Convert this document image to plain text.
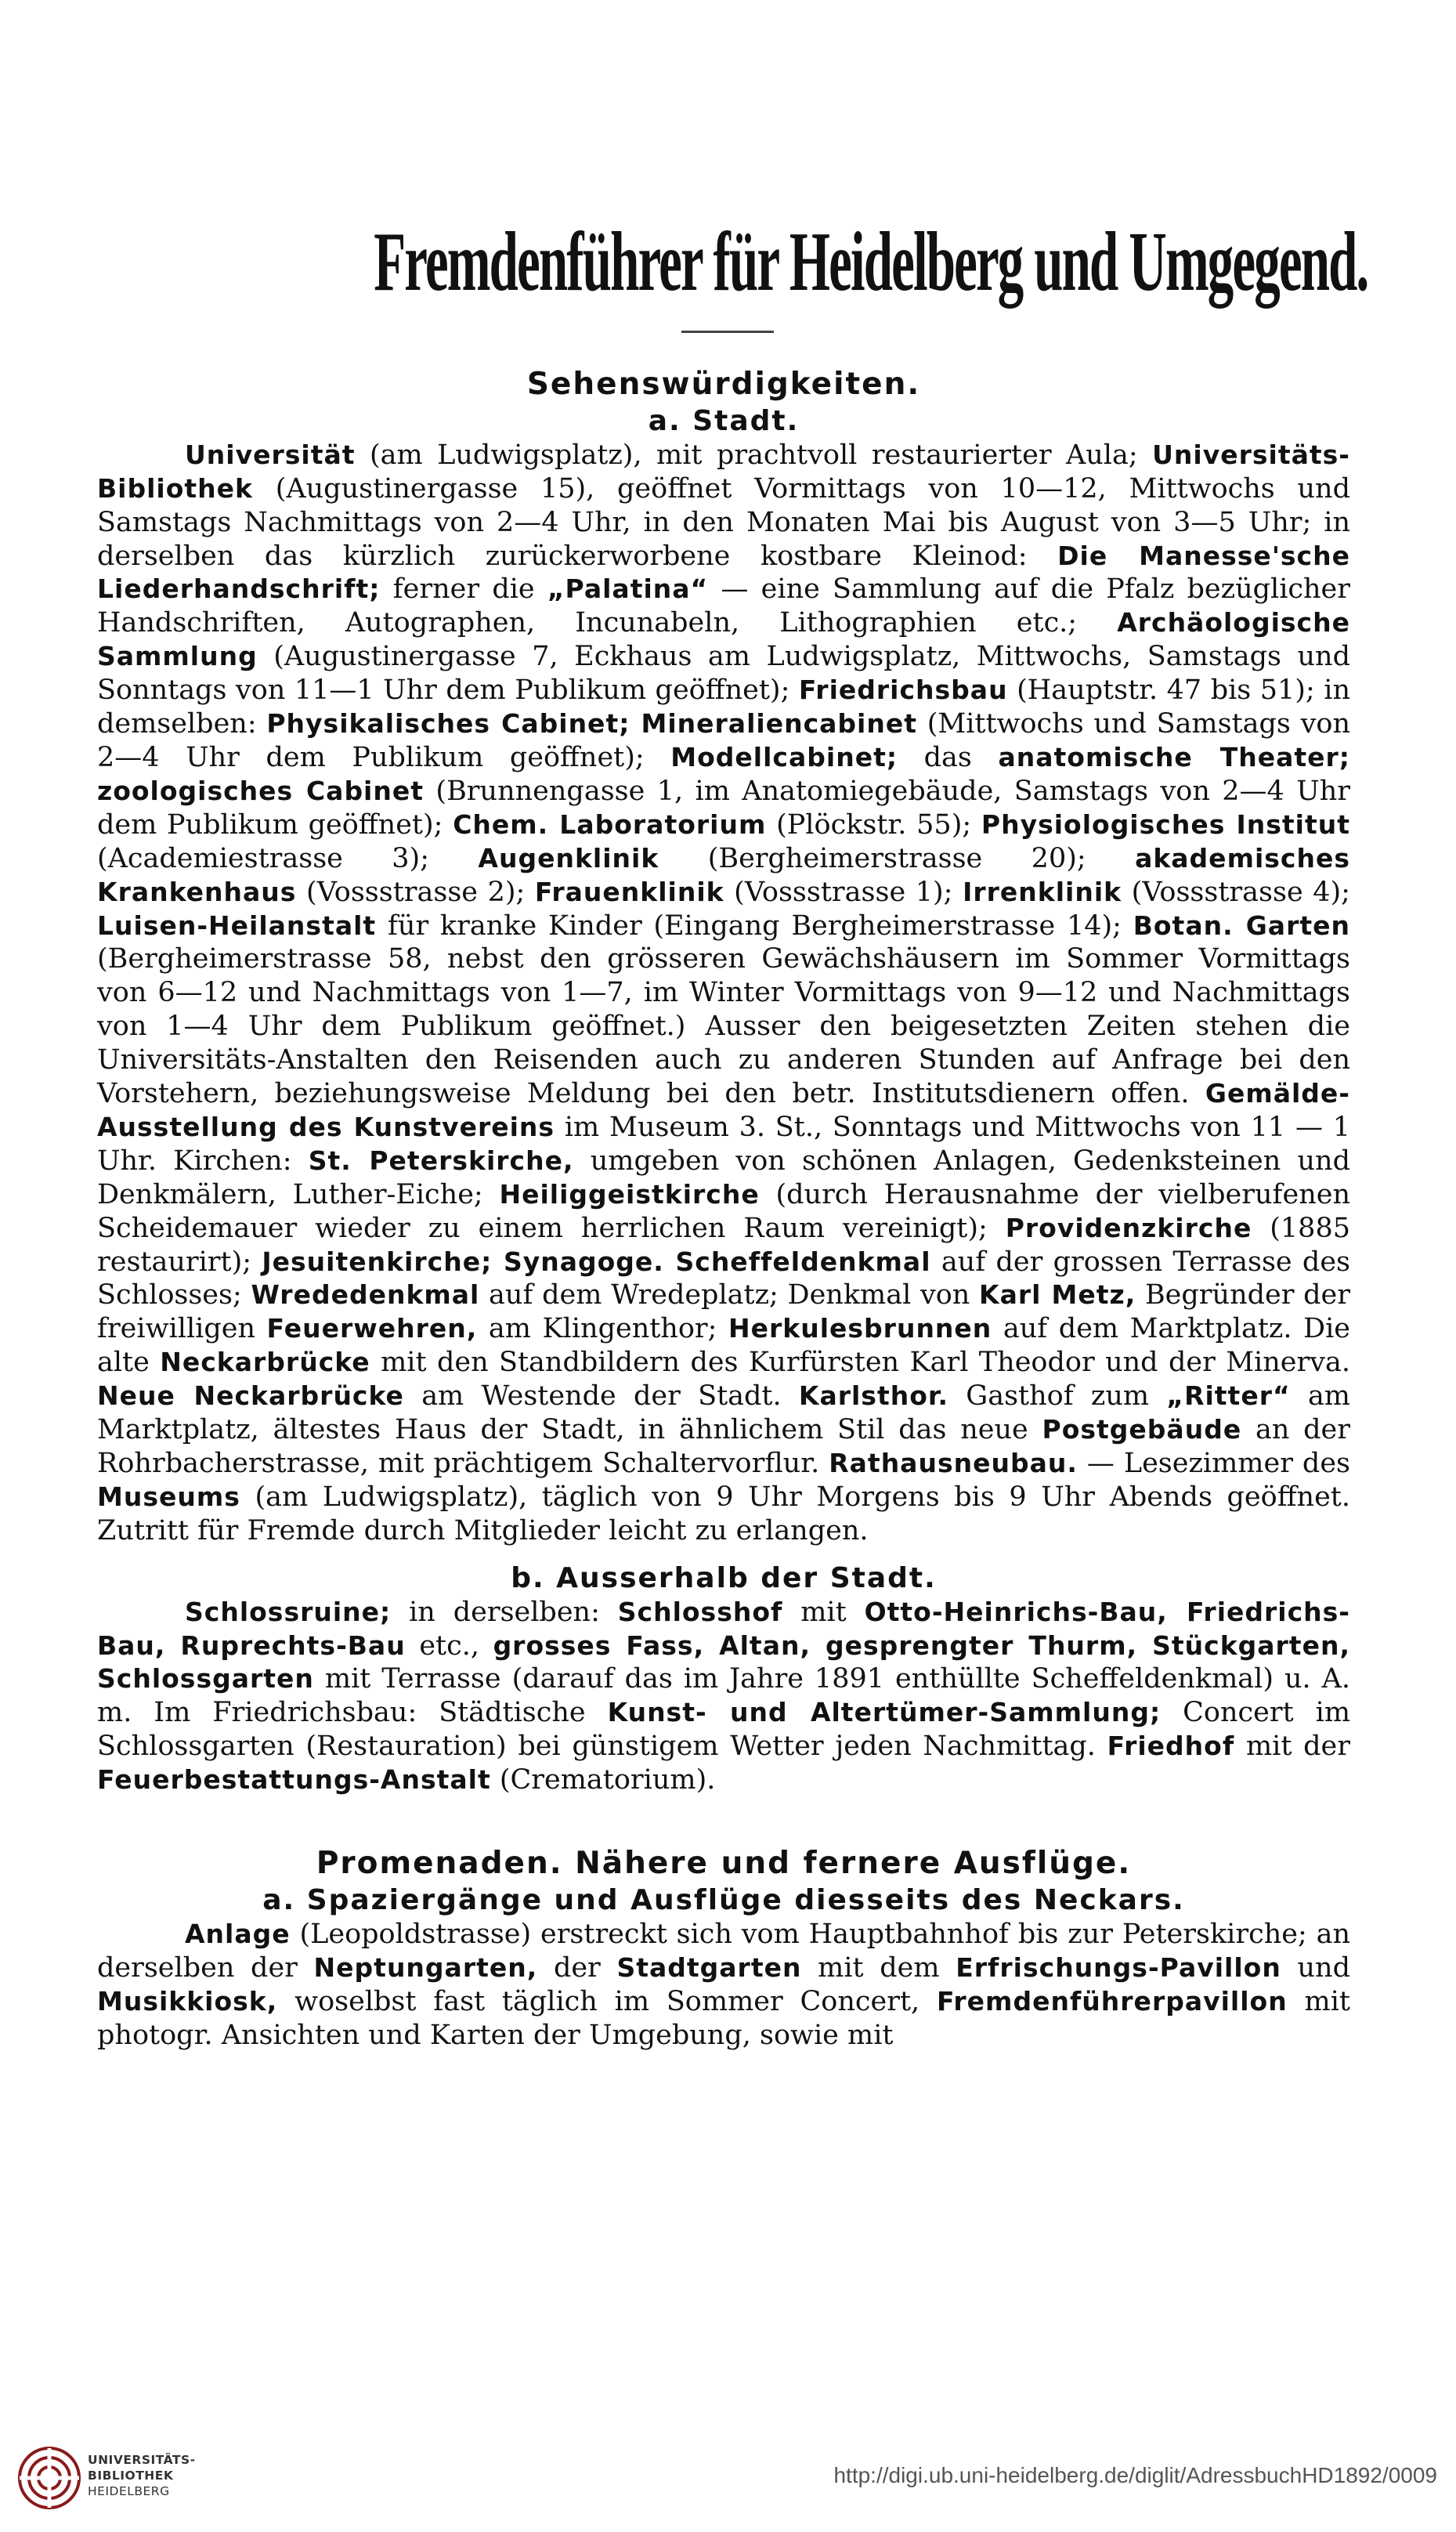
Fremdenführer für Heidelberg und Umgegend.
Sehenswürdigkeiten.
a. Stadt.

Universität (am Ludwigsplatz), mit prachtvoll restaurierter Aula; Universitäts-Bibliothek (Augustinergasse 15), geöffnet Vormittags von 10—12, Mittwochs und Samstags Nachmittags von 2—4 Uhr, in den Monaten Mai bis August von 3—5 Uhr; in derselben das kürzlich zurückerworbene kostbare Kleinod: Die Manesse'sche Liederhandschrift; ferner die „Palatina“ — eine Sammlung auf die Pfalz bezüglicher Handschriften, Autographen, Incunabeln, Lithographien etc.; Archäologische Sammlung (Augustinergasse 7, Eckhaus am Ludwigsplatz, Mittwochs, Samstags und Sonntags von 11—1 Uhr dem Publikum geöffnet); Friedrichsbau (Hauptstr. 47 bis 51); in demselben: Physikalisches Cabinet; Mineraliencabinet (Mittwochs und Samstags von 2—4 Uhr dem Publikum geöffnet); Modellcabinet; das anatomische Theater; zoologisches Cabinet (Brunnengasse 1, im Anatomiegebäude, Samstags von 2—4 Uhr dem Publikum geöffnet); Chem. Laboratorium (Plöckstr. 55); Physiologisches Institut (Academiestrasse 3); Augenklinik (Bergheimerstrasse 20); akademisches Krankenhaus (Vossstrasse 2); Frauenklinik (Vossstrasse 1); Irrenklinik (Vossstrasse 4); Luisen-Heilanstalt für kranke Kinder (Eingang Bergheimerstrasse 14); Botan. Garten (Bergheimerstrasse 58, nebst den grösseren Gewächshäusern im Sommer Vormittags von 6—12 und Nachmittags von 1—7, im Winter Vormittags von 9—12 und Nachmittags von 1—4 Uhr dem Publikum geöffnet.) Ausser den beigesetzten Zeiten stehen die Universitäts-Anstalten den Reisenden auch zu anderen Stunden auf Anfrage bei den Vorstehern, beziehungsweise Meldung bei den betr. Institutsdienern offen. Gemälde-Ausstellung des Kunstvereins im Museum 3. St., Sonntags und Mittwochs von 11 — 1 Uhr. Kirchen: St. Peterskirche, umgeben von schönen Anlagen, Gedenksteinen und Denkmälern, Luther-Eiche; Heiliggeistkirche (durch Herausnahme der vielberufenen Scheidemauer wieder zu einem herrlichen Raum vereinigt); Providenzkirche (1885 restaurirt); Jesuitenkirche; Synagoge. Scheffeldenkmal auf der grossen Terrasse des Schlosses; Wrededenkmal auf dem Wredeplatz; Denkmal von Karl Metz, Begründer der freiwilligen Feuerwehren, am Klingenthor; Herkulesbrunnen auf dem Marktplatz. Die alte Neckarbrücke mit den Standbildern des Kurfürsten Karl Theodor und der Minerva. Neue Neckarbrücke am Westende der Stadt. Karlsthor. Gasthof zum „Ritter“ am Marktplatz, ältestes Haus der Stadt, in ähnlichem Stil das neue Postgebäude an der Rohrbacherstrasse, mit prächtigem Schaltervorflur. Rathausneubau. — Lesezimmer des Museums (am Ludwigsplatz), täglich von 9 Uhr Morgens bis 9 Uhr Abends geöffnet. Zutritt für Fremde durch Mitglieder leicht zu erlangen.

b. Ausserhalb der Stadt.

Schlossruine; in derselben: Schlosshof mit Otto-Heinrichs-Bau, Friedrichs-Bau, Ruprechts-Bau etc., grosses Fass, Altan, gesprengter Thurm, Stückgarten, Schlossgarten mit Terrasse (darauf das im Jahre 1891 enthüllte Scheffeldenkmal) u. A. m. Im Friedrichsbau: Städtische Kunst- und Altertümer-Sammlung; Concert im Schlossgarten (Restauration) bei günstigem Wetter jeden Nachmittag. Friedhof mit der Feuerbestattungs-Anstalt (Crematorium).

Promenaden. Nähere und fernere Ausflüge.
a. Spaziergänge und Ausflüge diesseits des Neckars.

Anlage (Leopoldstrasse) erstreckt sich vom Hauptbahnhof bis zur Peterskirche; an derselben der Neptungarten, der Stadtgarten mit dem Erfrischungs-Pavillon und Musikkiosk, woselbst fast täglich im Sommer Concert, Fremdenführerpavillon mit photogr. Ansichten und Karten der Umgebung, sowie mit

UNIVERSITÄTS-
BIBLIOTHEK
HEIDELBERG
http://digi.ub.uni-heidelberg.de/diglit/AdressbuchHD1892/0009
